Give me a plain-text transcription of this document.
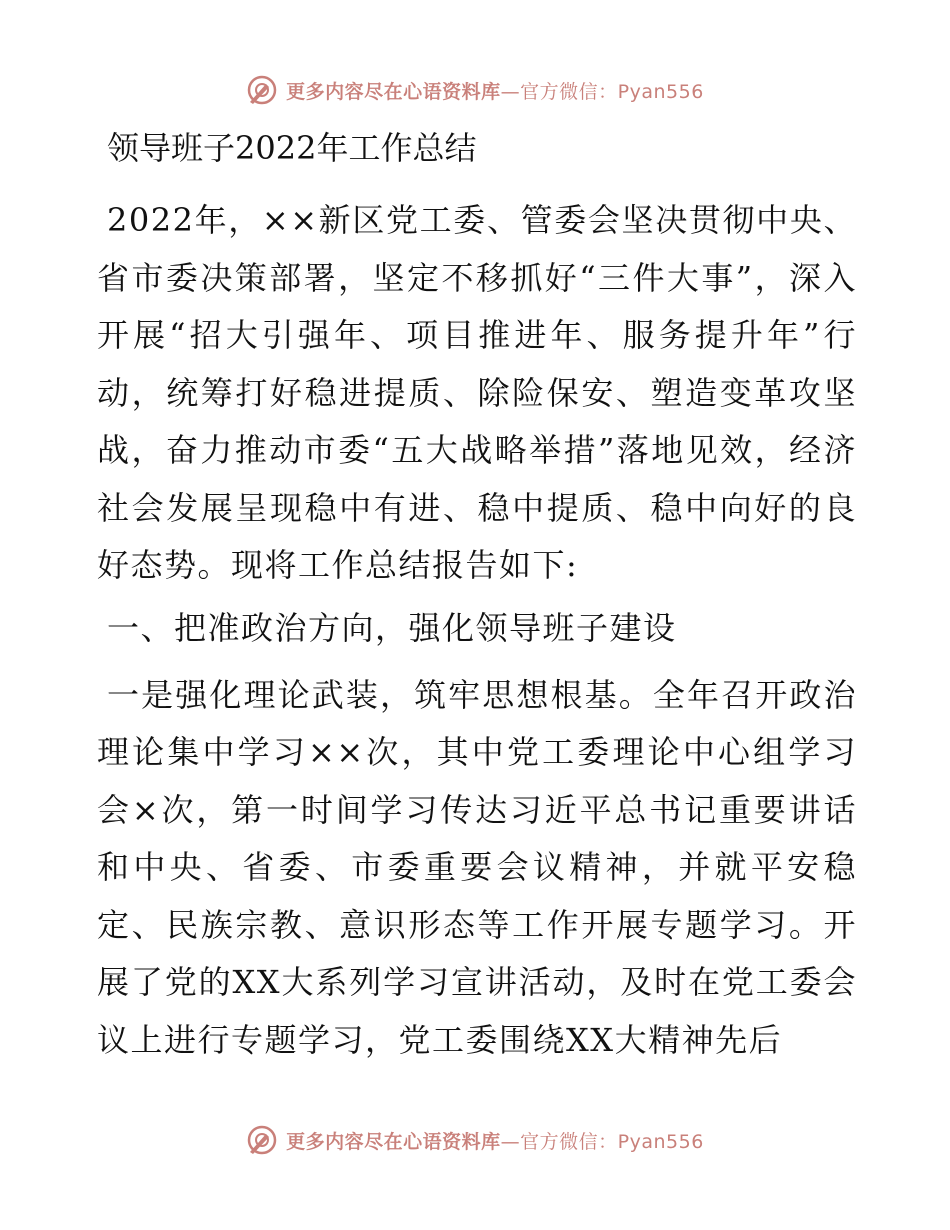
更多内容尽在心语资料库—官方微信：Pyan556
领导班子2022年工作总结

2022年，××新区党工委、管委会坚决贯彻中央、省市委决策部署，坚定不移抓好“三件大事”，深入开展“招大引强年、项目推进年、服务提升年”行动，统筹打好稳进提质、除险保安、塑造变革攻坚战，奋力推动市委“五大战略举措”落地见效，经济社会发展呈现稳中有进、稳中提质、稳中向好的良好态势。现将工作总结报告如下:

一、把准政治方向，强化领导班子建设

一是强化理论武装，筑牢思想根基。全年召开政治理论集中学习××次，其中党工委理论中心组学习会×次，第一时间学习传达习近平总书记重要讲话和中央、省委、市委重要会议精神，并就平安稳定、民族宗教、意识形态等工作开展专题学习。开展了党的XX大系列学习宣讲活动，及时在党工委会议上进行专题学习，党工委围绕XX大精神先后

更多内容尽在心语资料库—官方微信：Pyan556
